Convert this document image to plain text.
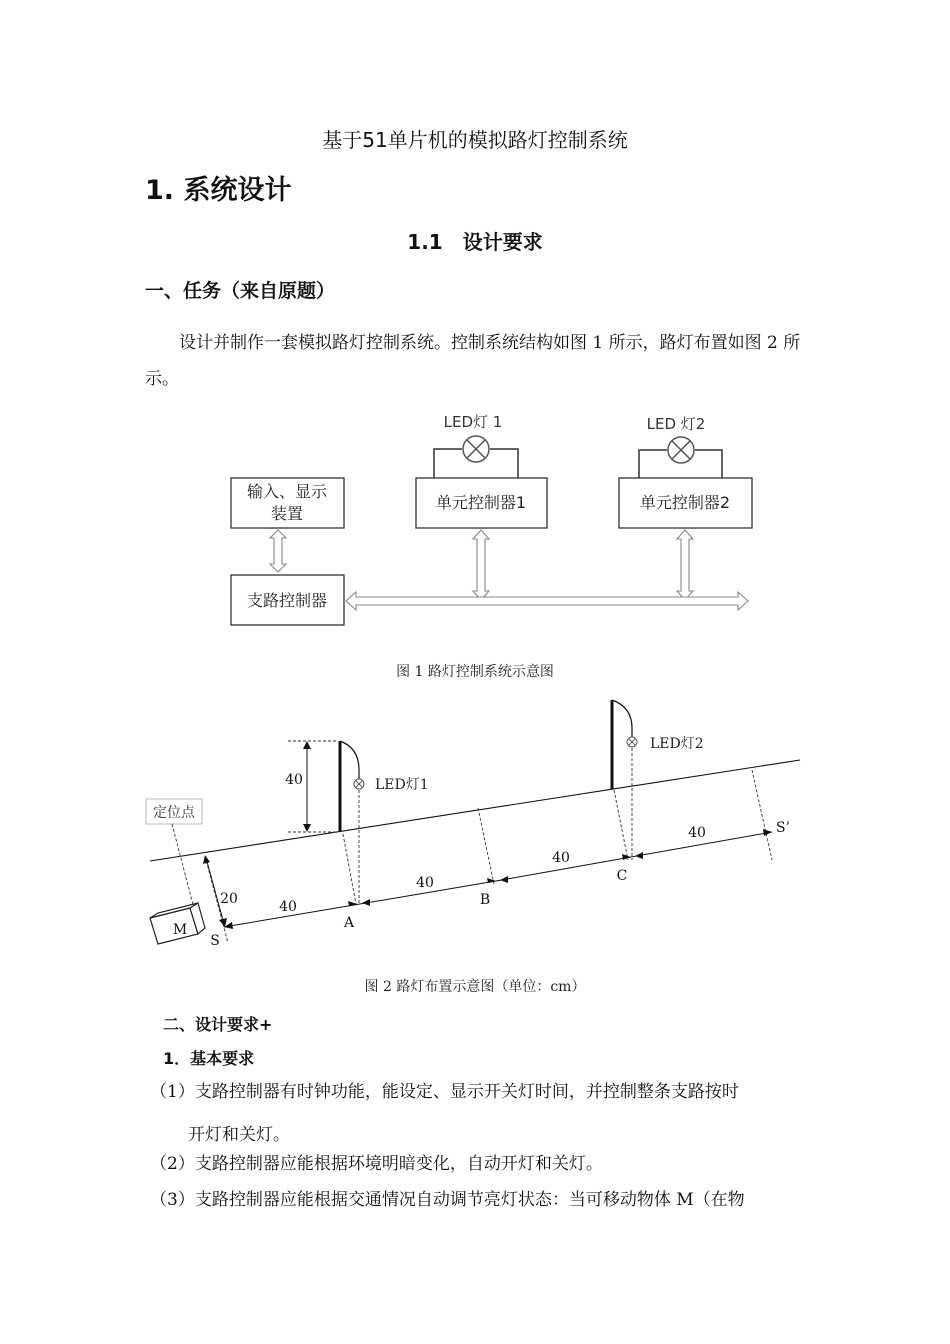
基于51单片机的模拟路灯控制系统
1. 系统设计
1.1　设计要求
一、任务（来自原题）
设计并制作一套模拟路灯控制系统。控制系统结构如图 1 所示，路灯布置如图 2 所示。
LED灯 1	LED 灯2
输入、显示
装置
单元控制器1	单元控制器2
支路控制器
图 1 路灯控制系统示意图
定位点
M
40	LED灯1
LED灯2
20	40
40
40
40
S
A
B
C
S’
图 2 路灯布置示意图（单位：cm）
二、设计要求+
1．基本要求
（1）支路控制器有时钟功能，能设定、显示开关灯时间，并控制整条支路按时
开灯和关灯。
（2）支路控制器应能根据环境明暗变化，自动开灯和关灯。
（3）支路控制器应能根据交通情况自动调节亮灯状态：当可移动物体 M（在物
